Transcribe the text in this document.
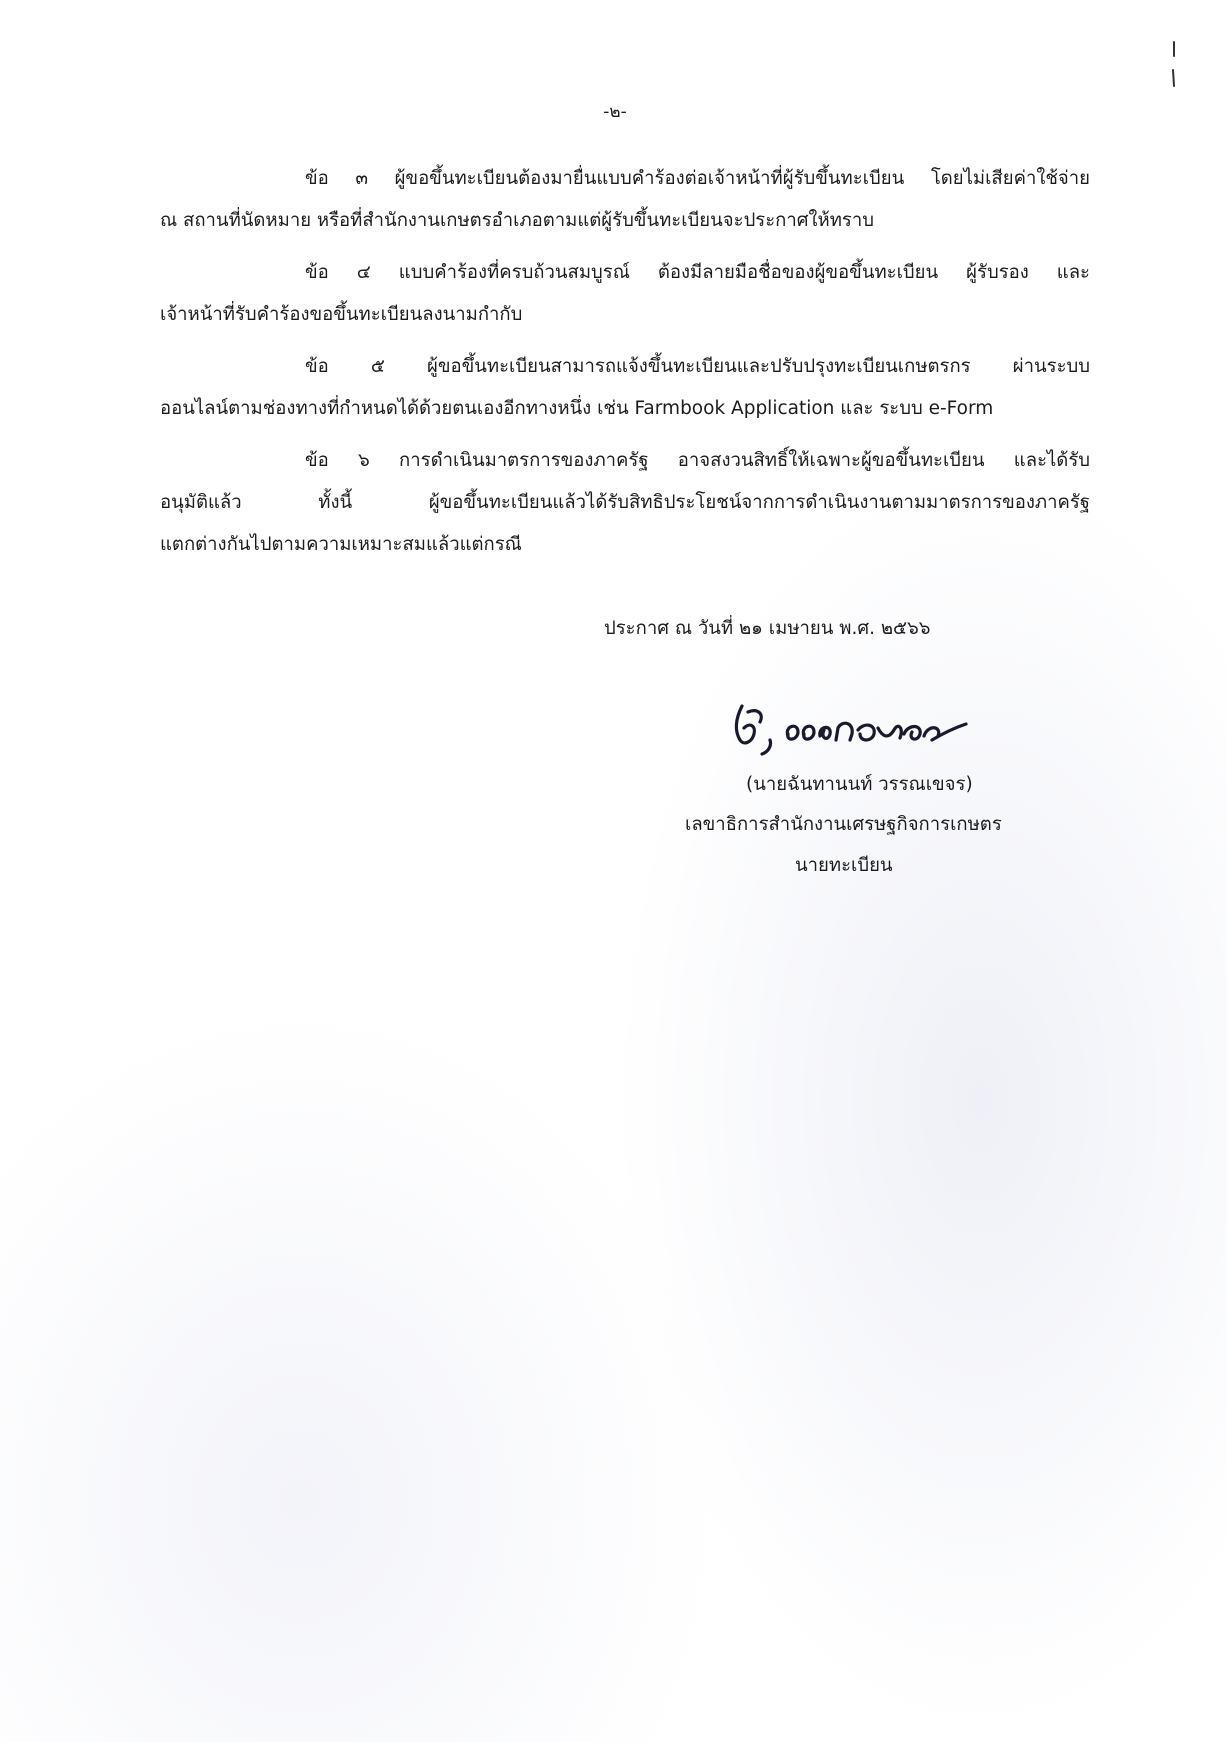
-๒-
ข้อ ๓ ผู้ขอขึ้นทะเบียนต้องมายื่นแบบคำร้องต่อเจ้าหน้าที่ผู้รับขึ้นทะเบียน โดยไม่เสียค่าใช้จ่าย
ณ สถานที่นัดหมาย หรือที่สำนักงานเกษตรอำเภอตามแต่ผู้รับขึ้นทะเบียนจะประกาศให้ทราบ
ข้อ ๔ แบบคำร้องที่ครบถ้วนสมบูรณ์ ต้องมีลายมือชื่อของผู้ขอขึ้นทะเบียน ผู้รับรอง และ
เจ้าหน้าที่รับคำร้องขอขึ้นทะเบียนลงนามกำกับ
ข้อ ๕ ผู้ขอขึ้นทะเบียนสามารถแจ้งขึ้นทะเบียนและปรับปรุงทะเบียนเกษตรกร ผ่านระบบ
ออนไลน์ตามช่องทางที่กำหนดได้ด้วยตนเองอีกทางหนึ่ง เช่น Farmbook Application และ ระบบ e-Form
ข้อ ๖ การดำเนินมาตรการของภาครัฐ อาจสงวนสิทธิ์ให้เฉพาะผู้ขอขึ้นทะเบียน และได้รับ
อนุมัติแล้ว ทั้งนี้ ผู้ขอขึ้นทะเบียนแล้วได้รับสิทธิประโยชน์จากการดำเนินงานตามมาตรการของภาครัฐ
แตกต่างกันไปตามความเหมาะสมแล้วแต่กรณี
ประกาศ ณ วันที่ ๒๑ เมษายน พ.ศ. ๒๕๖๖
(นายฉันทานนท์ วรรณเขจร)
เลขาธิการสำนักงานเศรษฐกิจการเกษตร
นายทะเบียน
